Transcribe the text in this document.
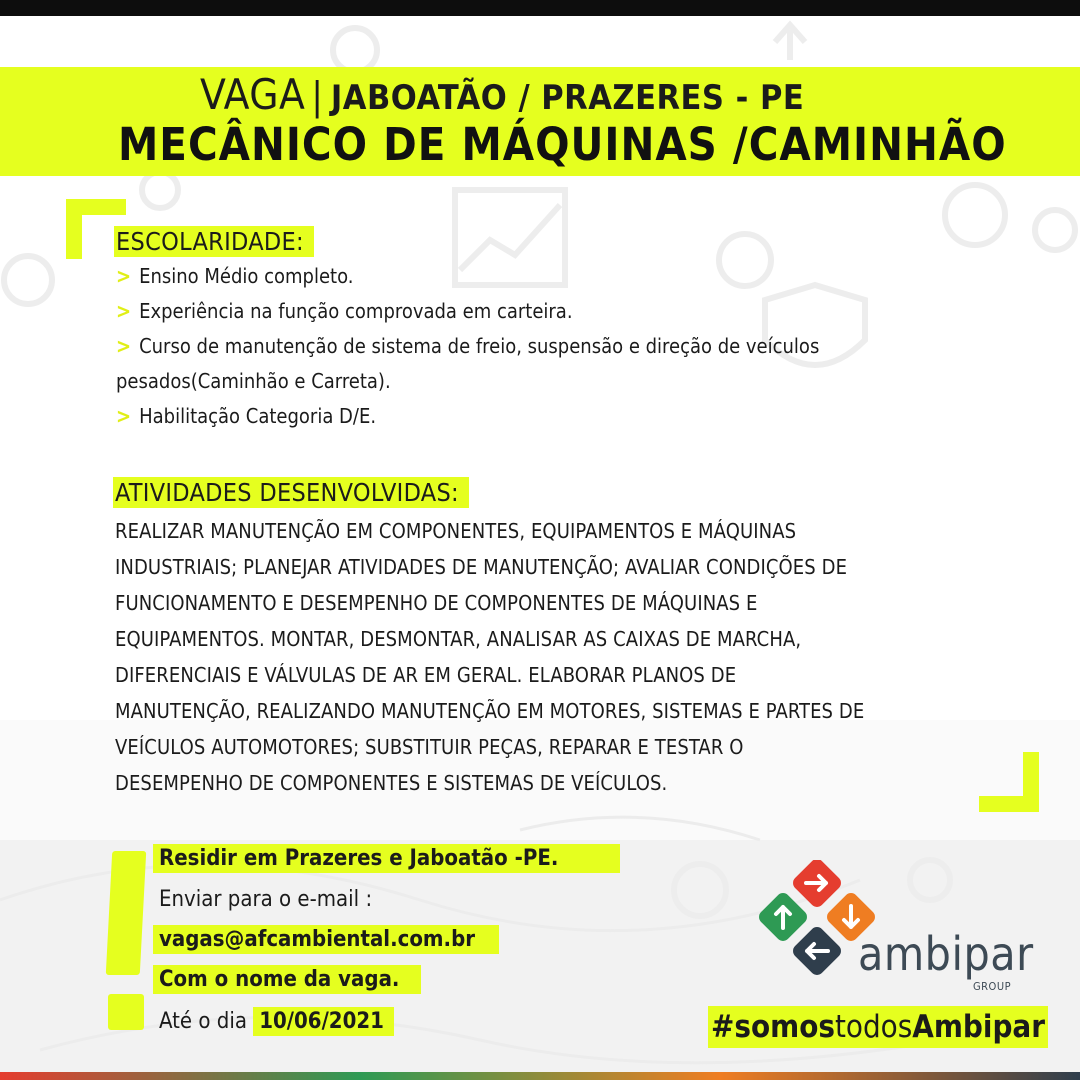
VAGA | JABOATÃO / PRAZERES - PE
MECÂNICO DE MÁQUINAS /CAMINHÃO
ESCOLARIDADE:
> Ensino Médio completo.
> Experiência na função comprovada em carteira.
> Curso de manutenção de sistema de freio, suspensão e direção de veículos
pesados(Caminhão e Carreta).
> Habilitação Categoria D/E.
ATIVIDADES DESENVOLVIDAS:
REALIZAR MANUTENÇÃO EM COMPONENTES, EQUIPAMENTOS E MÁQUINAS
INDUSTRIAIS; PLANEJAR ATIVIDADES DE MANUTENÇÃO; AVALIAR CONDIÇÕES DE
FUNCIONAMENTO E DESEMPENHO DE COMPONENTES DE MÁQUINAS E
EQUIPAMENTOS. MONTAR, DESMONTAR, ANALISAR AS CAIXAS DE MARCHA,
DIFERENCIAIS E VÁLVULAS DE AR EM GERAL. ELABORAR PLANOS DE
MANUTENÇÃO, REALIZANDO MANUTENÇÃO EM MOTORES, SISTEMAS E PARTES DE
VEÍCULOS AUTOMOTORES; SUBSTITUIR PEÇAS, REPARAR E TESTAR O
DESEMPENHO DE COMPONENTES E SISTEMAS DE VEÍCULOS.
Residir em Prazeres e Jaboatão -PE.
Enviar para o e-mail :
vagas@afcambiental.com.br
Com o nome da vaga.
Até o dia 10/06/2021
ambipar
GROUP
#somostodosAmbipar
